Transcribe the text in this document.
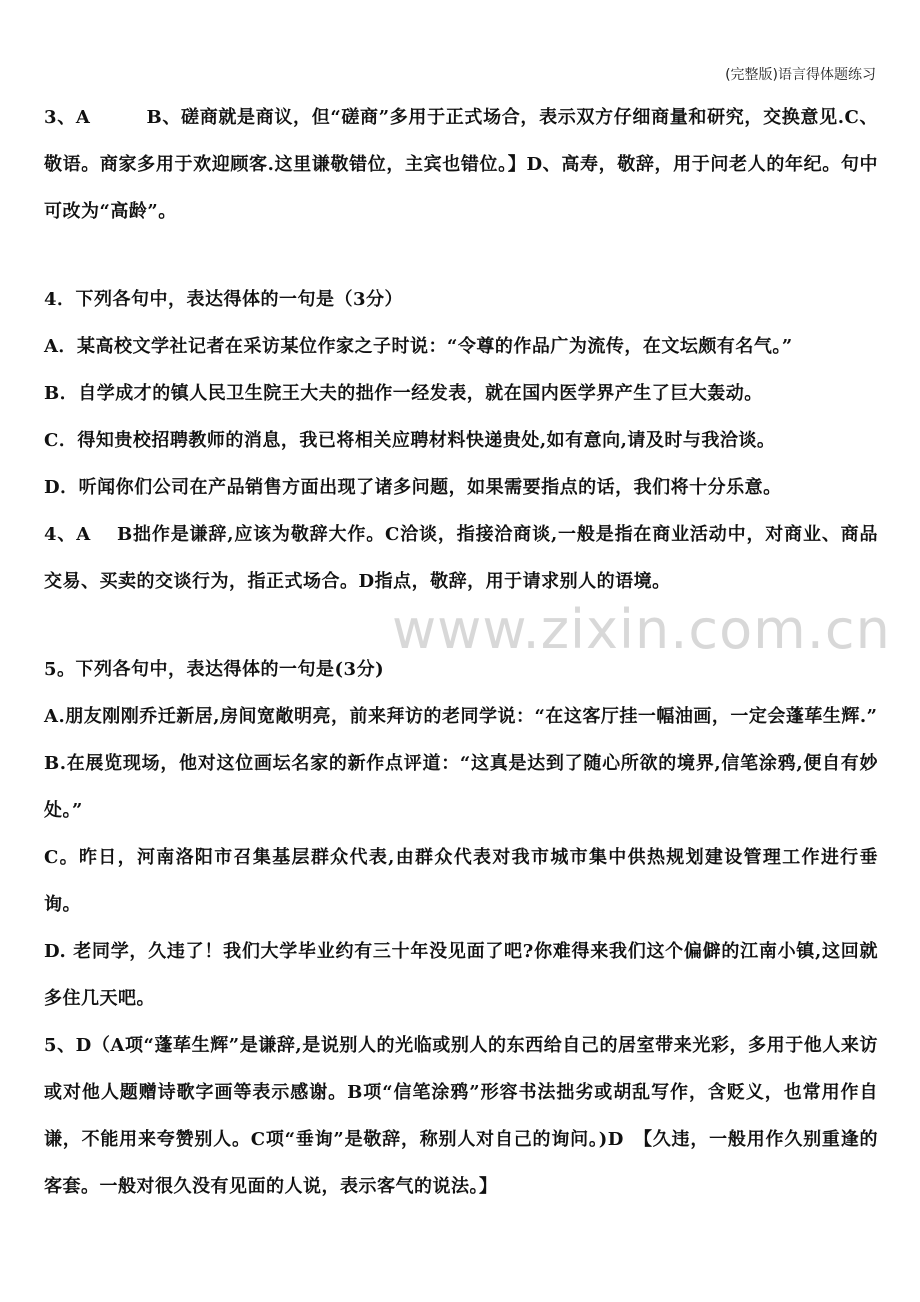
(完整版)语言得体题练习
www.zixin.com.cn

3、A　　　B、磋商就是商议，但“磋商”多用于正式场合，表示双方仔细商量和研究，交换意见.C、敬语。商家多用于欢迎顾客.这里谦敬错位，主宾也错位。】D、高寿，敬辞，用于问老人的年纪。句中可改为“高龄”。

4．下列各句中，表达得体的一句是（3分）

A．某高校文学社记者在采访某位作家之子时说：“令尊的作品广为流传，在文坛颇有名气。”

B．自学成才的镇人民卫生院王大夫的拙作一经发表，就在国内医学界产生了巨大轰动。

C．得知贵校招聘教师的消息，我已将相关应聘材料快递贵处,如有意向,请及时与我洽谈。

D．听闻你们公司在产品销售方面出现了诸多问题，如果需要指点的话，我们将十分乐意。

4、A　 B拙作是谦辞,应该为敬辞大作。C洽谈，指接洽商谈,一般是指在商业活动中，对商业、商品交易、买卖的交谈行为，指正式场合。D指点，敬辞，用于请求别人的语境。

5。下列各句中，表达得体的一句是(3分)

A.朋友刚刚乔迁新居,房间宽敞明亮，前来拜访的老同学说：“在这客厅挂一幅油画，一定会蓬荜生辉.”

B.在展览现场，他对这位画坛名家的新作点评道：“这真是达到了随心所欲的境界,信笔涂鸦,便自有妙处。”

C。昨日，河南洛阳市召集基层群众代表,由群众代表对我市城市集中供热规划建设管理工作进行垂询。

D. 老同学，久违了！我们大学毕业约有三十年没见面了吧?你难得来我们这个偏僻的江南小镇,这回就多住几天吧。

5、D（A项“蓬荜生辉”是谦辞,是说别人的光临或别人的东西给自己的居室带来光彩，多用于他人来访或对他人题赠诗歌字画等表示感谢。B项“信笔涂鸦”形容书法拙劣或胡乱写作，含贬义，也常用作自谦，不能用来夸赞别人。C项“垂询”是敬辞，称别人对自己的询问。)D　【久违，一般用作久别重逢的客套。一般对很久没有见面的人说，表示客气的说法。】
